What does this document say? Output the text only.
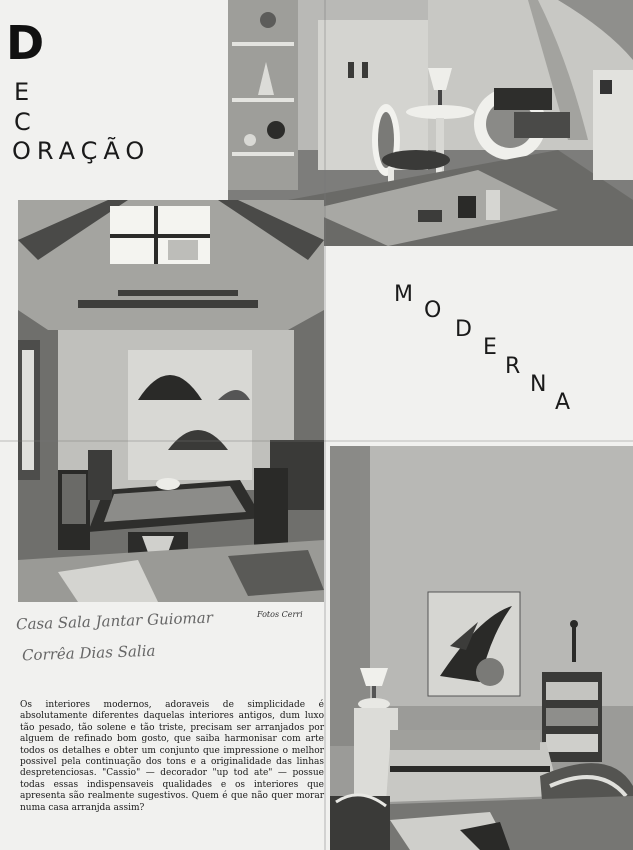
D
E
C
ORAÇÃO
M
O
D
E
R
N
A
Fotos Cerri
Casa Sala Jantar Guiomar
Corrêa Dias Salia

Os interiores modernos, adoraveis de simplicidade é absolutamente diferentes daquelas interiores antigos, dum luxo tão pesado, tão solene e tão triste, precisam ser arranjados por alguem de refinado bom gosto, que saiba harmonisar com arte todos os detalhes e obter um conjunto que impressione o melhor possivel pela continuação dos tons e a originalidade das linhas despretenciosas. "Cassio" — decorador "up tod ate" — possue todas essas indispensaveis qualidades e os interiores que apresenta são realmente sugestivos. Quem é que não quer morar numa casa arranjda assim?
